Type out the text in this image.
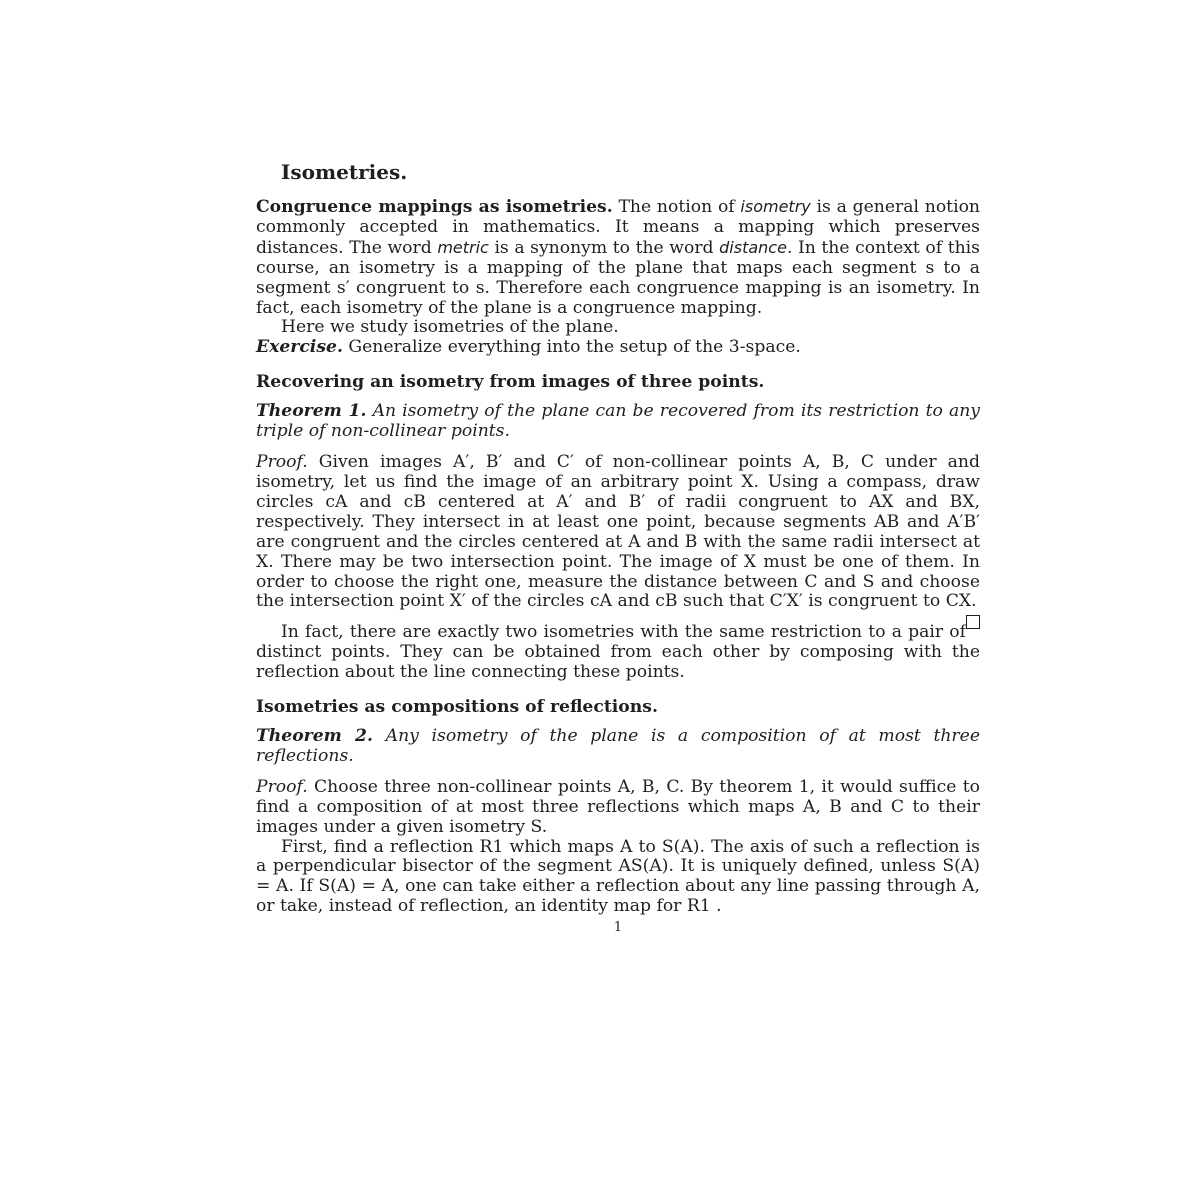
Isometries.

Congruence mappings as isometries. The notion of isometry is a general notion commonly accepted in mathematics. It means a mapping which preserves distances. The word metric is a synonym to the word distance. In the context of this course, an isometry is a mapping of the plane that maps each segment s to a segment s′ congruent to s. Therefore each congruence mapping is an isometry. In fact, each isometry of the plane is a congruence mapping.

Here we study isometries of the plane.

Exercise. Generalize everything into the setup of the 3-space.

Recovering an isometry from images of three points.

Theorem 1. An isometry of the plane can be recovered from its restriction to any triple of non-collinear points.

Proof. Given images A′, B′ and C′ of non-collinear points A, B, C under and isometry, let us find the image of an arbitrary point X. Using a compass, draw circles cA and cB centered at A′ and B′ of radii congruent to AX and BX, respectively. They intersect in at least one point, because segments AB and A′B′ are congruent and the circles centered at A and B with the same radii intersect at X. There may be two intersection point. The image of X must be one of them. In order to choose the right one, measure the distance between C and S and choose the intersection point X′ of the circles cA and cB such that C′X′ is congruent to CX.

In fact, there are exactly two isometries with the same restriction to a pair of distinct points. They can be obtained from each other by composing with the reflection about the line connecting these points.

Isometries as compositions of reflections.

Theorem 2. Any isometry of the plane is a composition of at most three reflections.

Proof. Choose three non-collinear points A, B, C. By theorem 1, it would suffice to find a composition of at most three reflections which maps A, B and C to their images under a given isometry S.

First, find a reflection R1 which maps A to S(A). The axis of such a reflection is a perpendicular bisector of the segment AS(A). It is uniquely defined, unless S(A) = A. If S(A) = A, one can take either a reflection about any line passing through A, or take, instead of reflection, an identity map for R1 .

1
